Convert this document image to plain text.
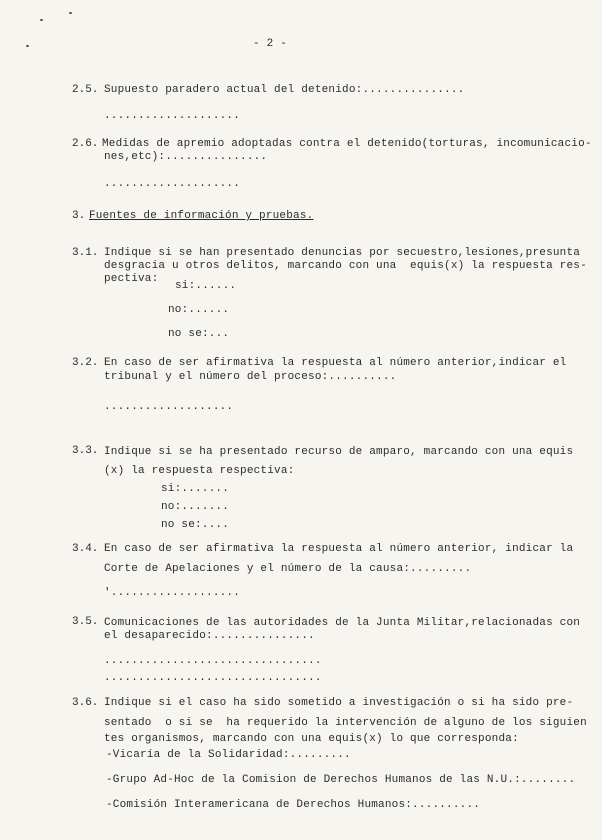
- 2 -
2.5. Supuesto paradero actual del detenido:...............
....................
2.6. Medidas de apremio adoptadas contra el detenido(torturas, incomunicacio-
nes,etc):...............
....................
3. Fuentes de información y pruebas.
3.1. Indique si se han presentado denuncias por secuestro,lesiones,presunta
desgracia u otros delitos, marcando con una  equis(x) la respuesta res-
pectiva:
si:......
no:......
no se:...
3.2. En caso de ser afirmativa la respuesta al número anterior,indicar el
tribunal y el número del proceso:..........
...................
3.3. Indique si se ha presentado recurso de amparo, marcando con una equis
(x) la respuesta respectiva:
si:.......
no:.......
no se:....
3.4. En caso de ser afirmativa la respuesta al número anterior, indicar la
Corte de Apelaciones y el número de la causa:.........
'...................
3.5. Comunicaciones de las autoridades de la Junta Militar,relacionadas con
el desaparecido:...............
................................
................................
3.6. Indique si el caso ha sido sometido a investigación o si ha sido pre-
sentado  o si se  ha requerido la intervención de alguno de los siguien
tes organismos, marcando con una equis(x) lo que corresponda:
-Vicaría de la Solidaridad:.........
-Grupo Ad-Hoc de la Comision de Derechos Humanos de las N.U.:........
-Comisión Interamericana de Derechos Humanos:..........
